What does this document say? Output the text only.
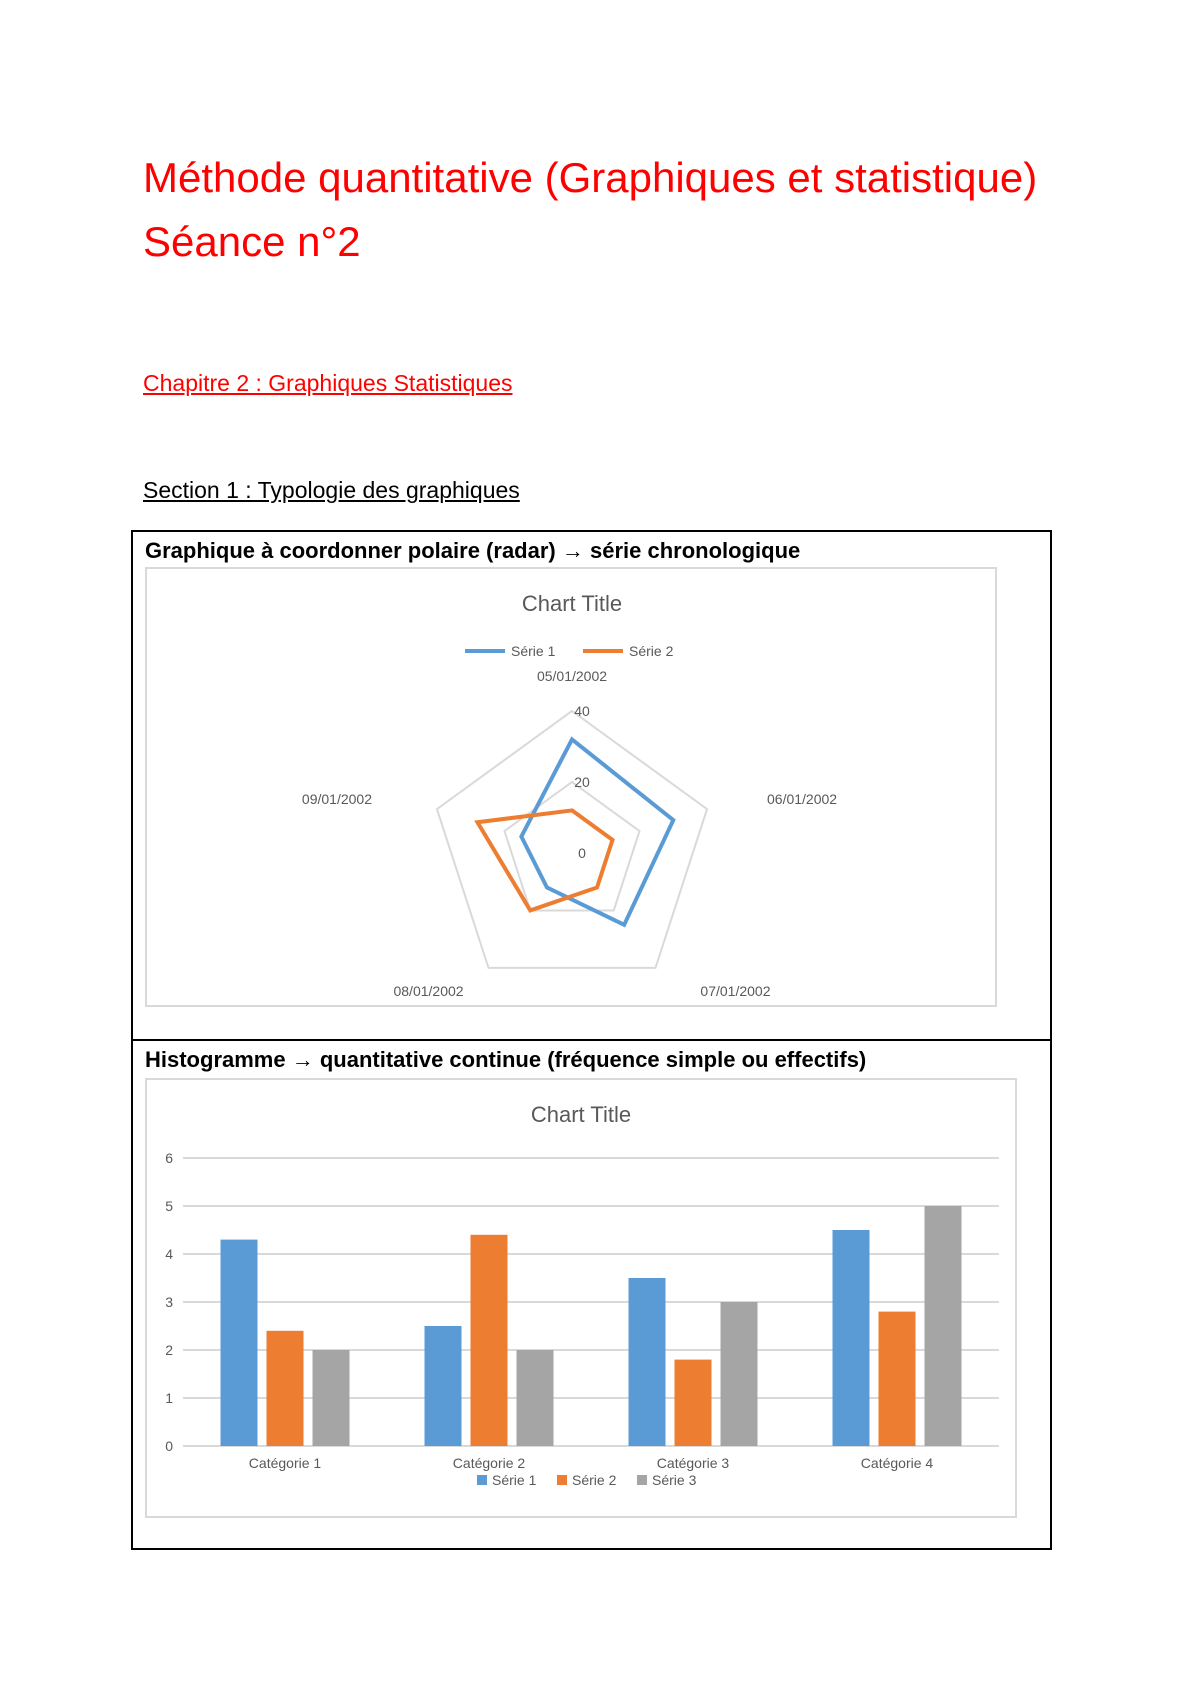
Méthode quantitative (Graphiques et statistique) Séance n°2
Chapitre 2 : Graphiques Statistiques
Section 1 : Typologie des graphiques
Graphique à coordonner polaire (radar) → série chronologique
Chart Title
Série 1	Série 2
0
20
40
05/01/2002
06/01/2002
07/01/2002
08/01/2002
09/01/2002
Histogramme → quantitative continue (fréquence simple ou effectifs)
Chart Title
0
1
2
3
4
5
6
Catégorie 1	Catégorie 2	Catégorie 3	Catégorie 4
Série 1	Série 2	Série 3
